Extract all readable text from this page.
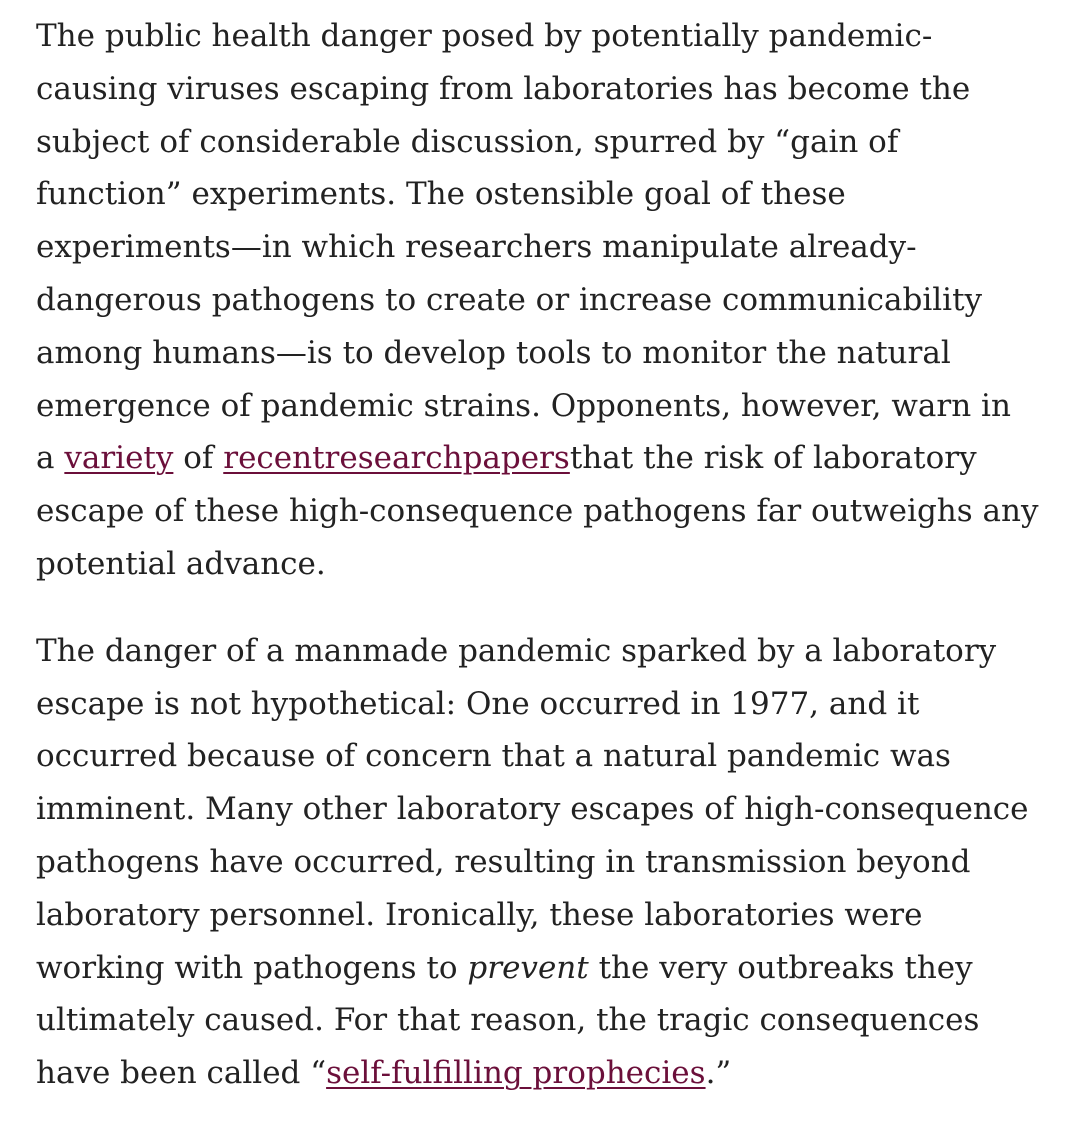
The public health danger posed by potentially pandemic-
causing viruses escaping from laboratories has become the
subject of considerable discussion, spurred by “gain of
function” experiments. The ostensible goal of these
experiments—in which researchers manipulate already-
dangerous pathogens to create or increase communicability
among humans—is to develop tools to monitor the natural
emergence of pandemic strains. Opponents, however, warn in
a variety of recentresearchpapersthat the risk of laboratory
escape of these high-consequence pathogens far outweighs any
potential advance.

The danger of a manmade pandemic sparked by a laboratory
escape is not hypothetical: One occurred in 1977, and it
occurred because of concern that a natural pandemic was
imminent. Many other laboratory escapes of high-consequence
pathogens have occurred, resulting in transmission beyond
laboratory personnel. Ironically, these laboratories were
working with pathogens to prevent the very outbreaks they
ultimately caused. For that reason, the tragic consequences
have been called “self-fulfilling prophecies.”
